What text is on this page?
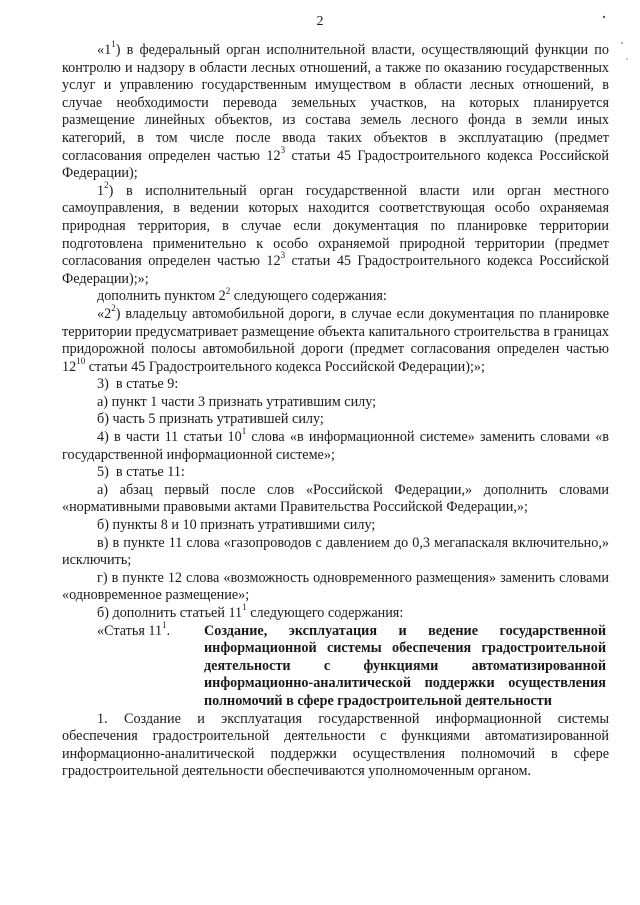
2

«$1^1$) в федеральный орган исполнительной власти, осуществляющий функции по контролю и надзору в области лесных отношений, а также по оказанию государственных услуг и управлению государственным имуществом в области лесных отношений, в случае необходимости перевода земельных участков, на которых планируется размещение линейных объектов, из состава земель лесного фонда в земли иных категорий, в том числе после ввода таких объектов в эксплуатацию (предмет согласования определен частью $12^3$ статьи 45 Градостроительного кодекса Российской Федерации);

$1^2$) в исполнительный орган государственной власти или орган местного самоуправления, в ведении которых находится соответствующая особо охраняемая природная территория, в случае если документация по планировке территории подготовлена применительно к особо охраняемой природной территории (предмет согласования определен частью $12^3$ статьи 45 Градостроительного кодекса Российской Федерации);»;

дополнить пунктом $2^2$ следующего содержания:

«$2^2$) владельцу автомобильной дороги, в случае если документация по планировке территории предусматривает размещение объекта капитального строительства в границах придорожной полосы автомобильной дороги (предмет согласования определен частью $12^{10}$ статьи 45 Градостроительного кодекса Российской Федерации);»;

3)  в статье 9:

а) пункт 1 части 3 признать утратившим силу;

б) часть 5 признать утратившей силу;

4) в части 11 статьи $10^1$ слова «в информационной системе» заменить словами «в государственной информационной системе»;

5)  в статье 11:

а) абзац первый после слов «Российской Федерации,» дополнить словами «нормативными правовыми актами Правительства Российской Федерации,»;

б) пункты 8 и 10 признать утратившими силу;

в) в пункте 11 слова «газопроводов с давлением до 0,3 мегапаскаля включительно,» исключить;

г) в пункте 12 слова «возможность одновременного размещения» заменить словами «одновременное размещение»;

б) дополнить статьей $11^1$ следующего содержания:

«Статья $11^1$.	Создание, эксплуатация и ведение государственной информационной системы обеспечения градостроительной деятельности с функциями автоматизированной информационно-аналитической поддержки осуществления полномочий в сфере градостроительной деятельности

1. Создание и эксплуатация государственной информационной системы обеспечения градостроительной деятельности с функциями автоматизированной информационно-аналитической поддержки осуществления полномочий в сфере градостроительной деятельности обеспечиваются уполномоченным органом.
